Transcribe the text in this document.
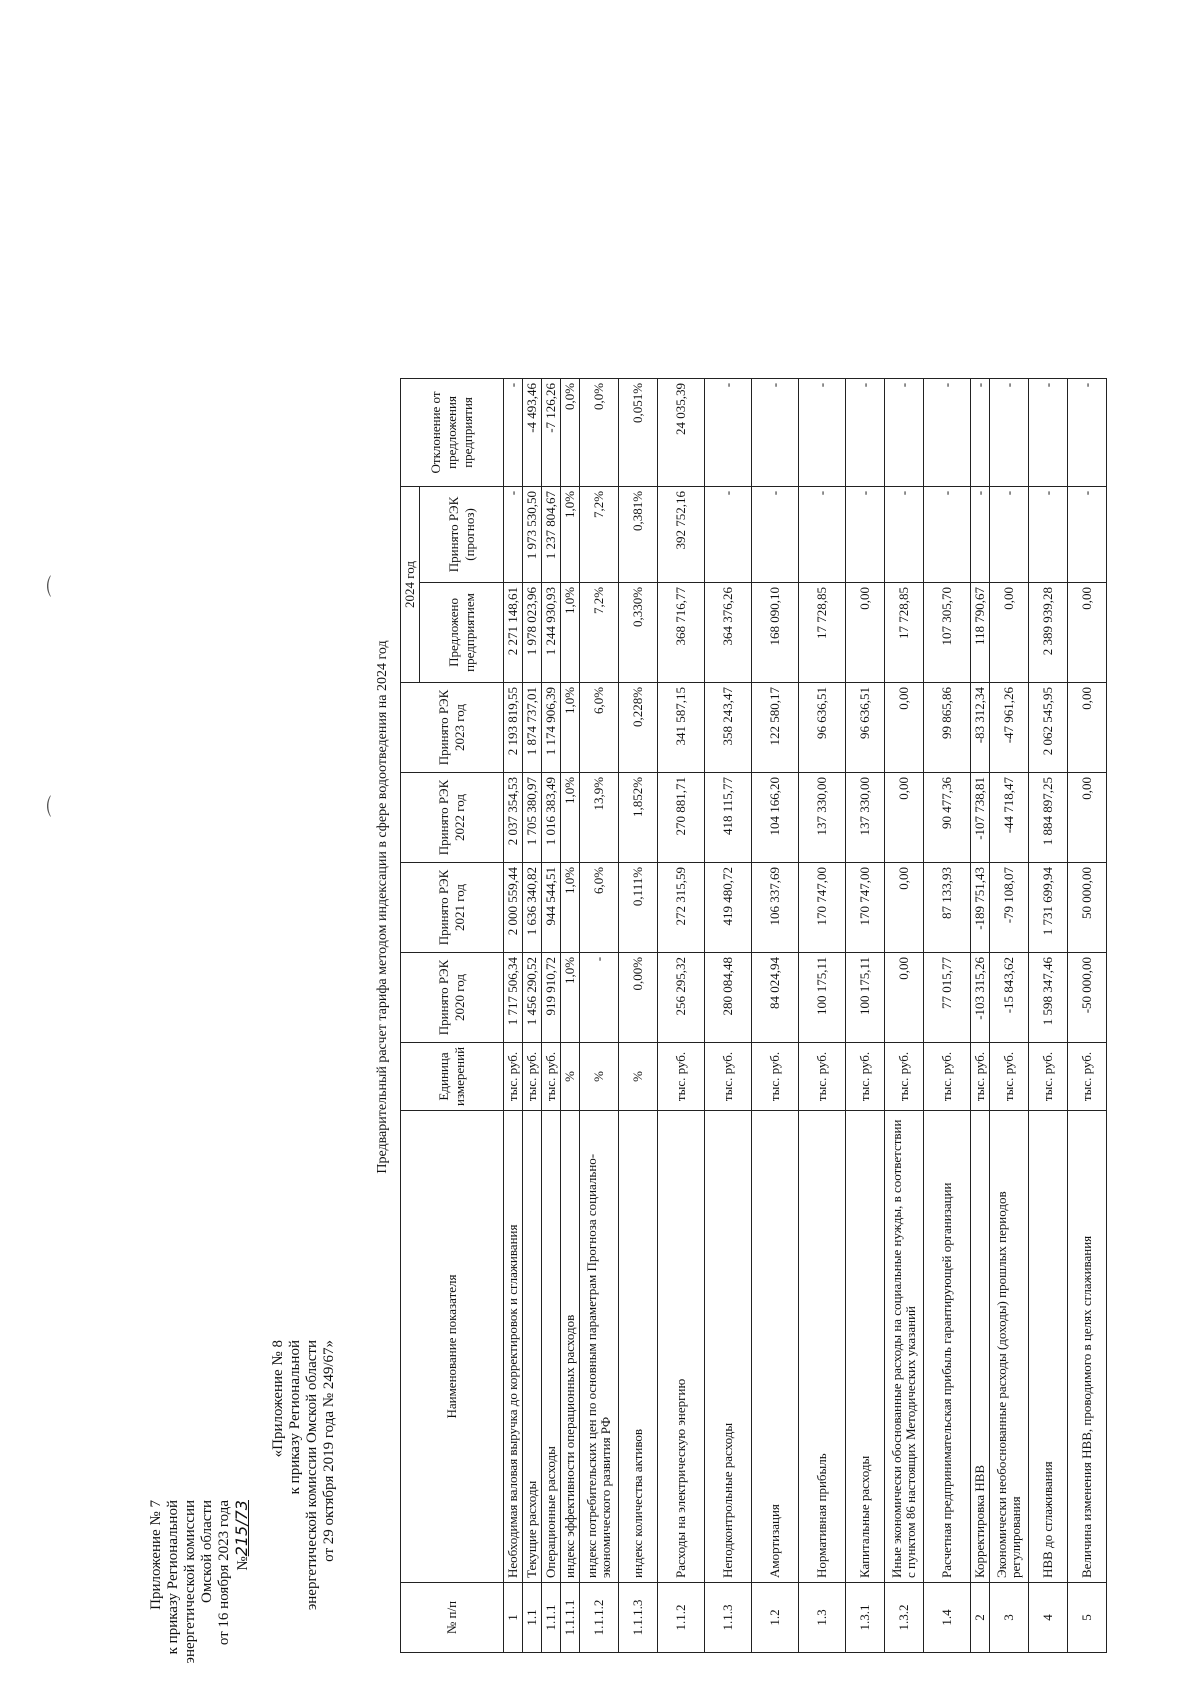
Приложение № 7 к приказу Региональной энергетической комиссии Омской области от 16 ноября 2023 года №215/73
«Приложение № 8 к приказу Региональной энергетической комиссии Омской области от 29 октября 2019 года № 249/67»
⌒
⌒
Предварительный расчет тарифа методом индексации в сфере водоотведения на 2024 год
№ п/п	Наименование показателя	Единица измерений	Принято РЭК 2020 год	Принято РЭК 2021 год	Принято РЭК 2022 год	Принято РЭК 2023 год	2024 год		Отклонение от предложения предприятия
							Предложено предприятием	Принято РЭК (прогноз)	
1	Необходимая валовая выручка до корректировок и сглаживания	тыс. руб.	1 717 506,34	2 000 559,44	2 037 354,53	2 193 819,55	2 271 148,61	-	-
1.1	Текущие расходы	тыс. руб.	1 456 290,52	1 636 340,82	1 705 380,97	1 874 737,01	1 978 023,96	1 973 530,50	-4 493,46
1.1.1	Операционные расходы	тыс. руб.	919 910,72	944 544,51	1 016 383,49	1 174 906,39	1 244 930,93	1 237 804,67	-7 126,26
1.1.1.1	индекс эффективности операционных расходов	%	1,0%	1,0%	1,0%	1,0%	1,0%	1,0%	0,0%
1.1.1.2	индекс потребительских цен по основным параметрам Прогноза социально-экономического развития РФ	%	-	6,0%	13,9%	6,0%	7,2%	7,2%	0,0%
1.1.1.3	индекс количества активов	%	0,00%	0,111%	1,852%	0,228%	0,330%	0,381%	0,051%
1.1.2	Расходы на электрическую энергию	тыс. руб.	256 295,32	272 315,59	270 881,71	341 587,15	368 716,77	392 752,16	24 035,39
1.1.3	Неподконтрольные расходы	тыс. руб.	280 084,48	419 480,72	418 115,77	358 243,47	364 376,26	-	-
1.2	Амортизация	тыс. руб.	84 024,94	106 337,69	104 166,20	122 580,17	168 090,10	-	-
1.3	Нормативная прибыль	тыс. руб.	100 175,11	170 747,00	137 330,00	96 636,51	17 728,85	-	-
1.3.1	Капитальные расходы	тыс. руб.	100 175,11	170 747,00	137 330,00	96 636,51	0,00	-	-
1.3.2	Иные экономически обоснованные расходы на социальные нужды, в соответствии с пунктом 86 настоящих Методических указаний	тыс. руб.	0,00	0,00	0,00	0,00	17 728,85	-	-
1.4	Расчетная предпринимательская прибыль гарантирующей организации	тыс. руб.	77 015,77	87 133,93	90 477,36	99 865,86	107 305,70	-	-
2	Корректировка НВВ	тыс. руб.	-103 315,26	-189 751,43	-107 738,81	-83 312,34	118 790,67	-	-
3	Экономически необоснованные расходы (доходы) прошлых периодов регулирования	тыс. руб.	-15 843,62	-79 108,07	-44 718,47	-47 961,26	0,00	-	-
4	НВВ до сглаживания	тыс. руб.	1 598 347,46	1 731 699,94	1 884 897,25	2 062 545,95	2 389 939,28	-	-
5	Величина изменения НВВ, проводимого в целях сглаживания	тыс. руб.	-50 000,00	50 000,00	0,00	0,00	0,00	-	-
